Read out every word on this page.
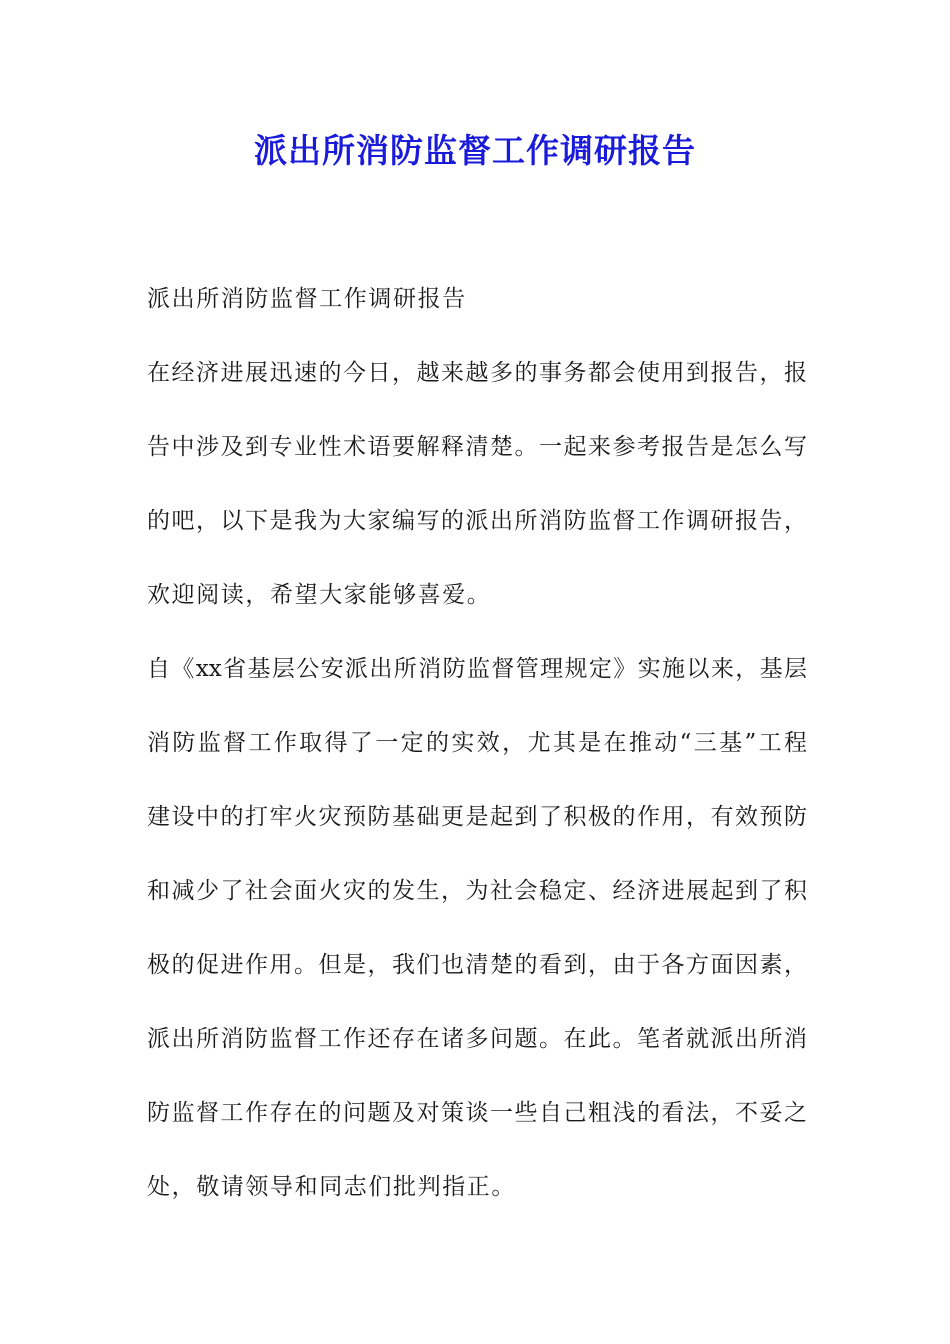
派出所消防监督工作调研报告

派出所消防监督工作调研报告

在经济进展迅速的今日，越来越多的事务都会使用到报告，报

告中涉及到专业性术语要解释清楚。一起来参考报告是怎么写

的吧，以下是我为大家编写的派出所消防监督工作调研报告，

欢迎阅读，希望大家能够喜爱。

自《xx省基层公安派出所消防监督管理规定》实施以来，基层

消防监督工作取得了一定的实效，尤其是在推动“三基”工程

建设中的打牢火灾预防基础更是起到了积极的作用，有效预防

和减少了社会面火灾的发生，为社会稳定、经济进展起到了积

极的促进作用。但是，我们也清楚的看到，由于各方面因素，

派出所消防监督工作还存在诸多问题。在此。笔者就派出所消

防监督工作存在的问题及对策谈一些自己粗浅的看法，不妥之

处，敬请领导和同志们批判指正。
